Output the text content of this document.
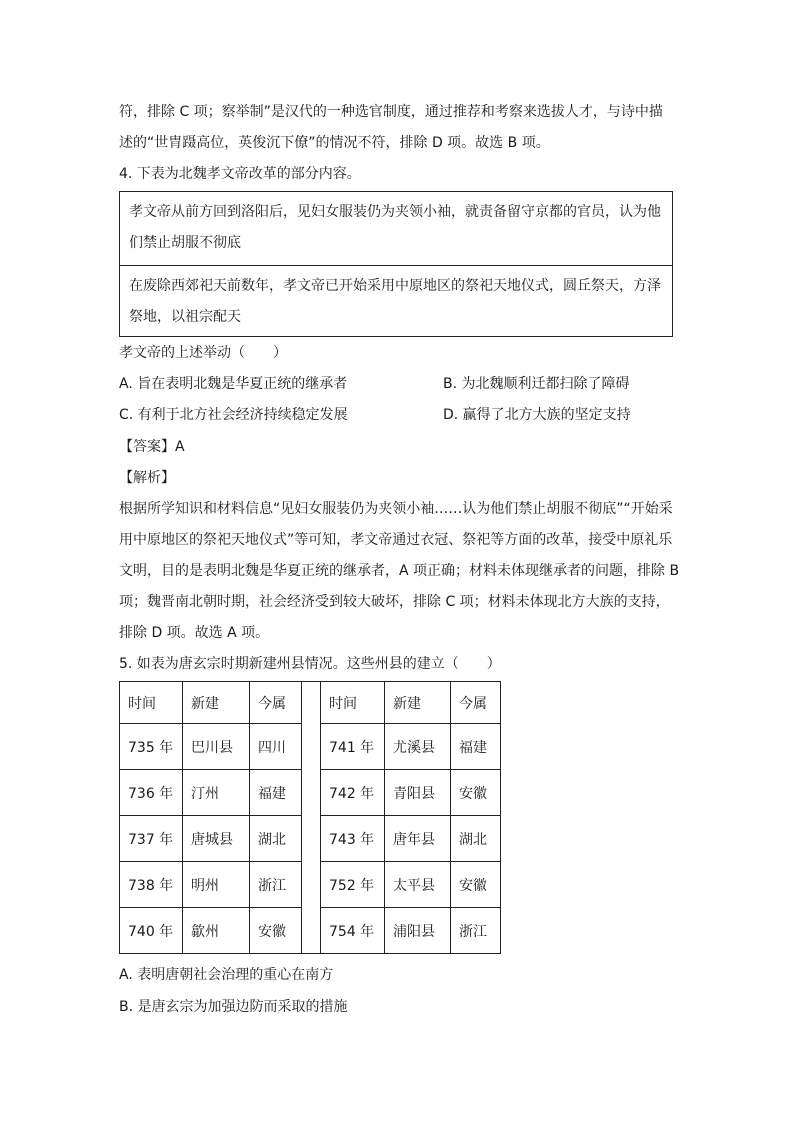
符，排除 C 项；察举制”是汉代的一种选官制度，通过推荐和考察来选拔人才，与诗中描
述的“世胄蹑高位，英俊沉下僚”的情况不符，排除 D 项。故选 B 项。
4. 下表为北魏孝文帝改革的部分内容。
孝文帝从前方回到洛阳后，见妇女服装仍为夹领小袖，就责备留守京都的官员，认为他
们禁止胡服不彻底
在废除西郊祀天前数年，孝文帝已开始采用中原地区的祭祀天地仪式，圆丘祭天，方泽
祭地，以祖宗配天
孝文帝的上述举动（　　）
A. 旨在表明北魏是华夏正统的继承者	B. 为北魏顺利迁都扫除了障碍
C. 有利于北方社会经济持续稳定发展	D. 赢得了北方大族的坚定支持
【答案】A
【解析】
根据所学知识和材料信息“见妇女服装仍为夹领小袖……认为他们禁止胡服不彻底”“开始采
用中原地区的祭祀天地仪式”等可知，孝文帝通过衣冠、祭祀等方面的改革，接受中原礼乐
文明，目的是表明北魏是华夏正统的继承者，A 项正确；材料未体现继承者的问题，排除 B
项；魏晋南北朝时期，社会经济受到较大破坏，排除 C 项；材料未体现北方大族的支持，
排除 D 项。故选 A 项。
5. 如表为唐玄宗时期新建州县情况。这些州县的建立（　　）
时间	新建	今属		时间	新建	今属
735 年	巴川县	四川		741 年	尤溪县	福建
736 年	汀州	福建		742 年	青阳县	安徽
737 年	唐城县	湖北		743 年	唐年县	湖北
738 年	明州	浙江		752 年	太平县	安徽
740 年	歙州	安徽		754 年	浦阳县	浙江
A. 表明唐朝社会治理的重心在南方
B. 是唐玄宗为加强边防而采取的措施
